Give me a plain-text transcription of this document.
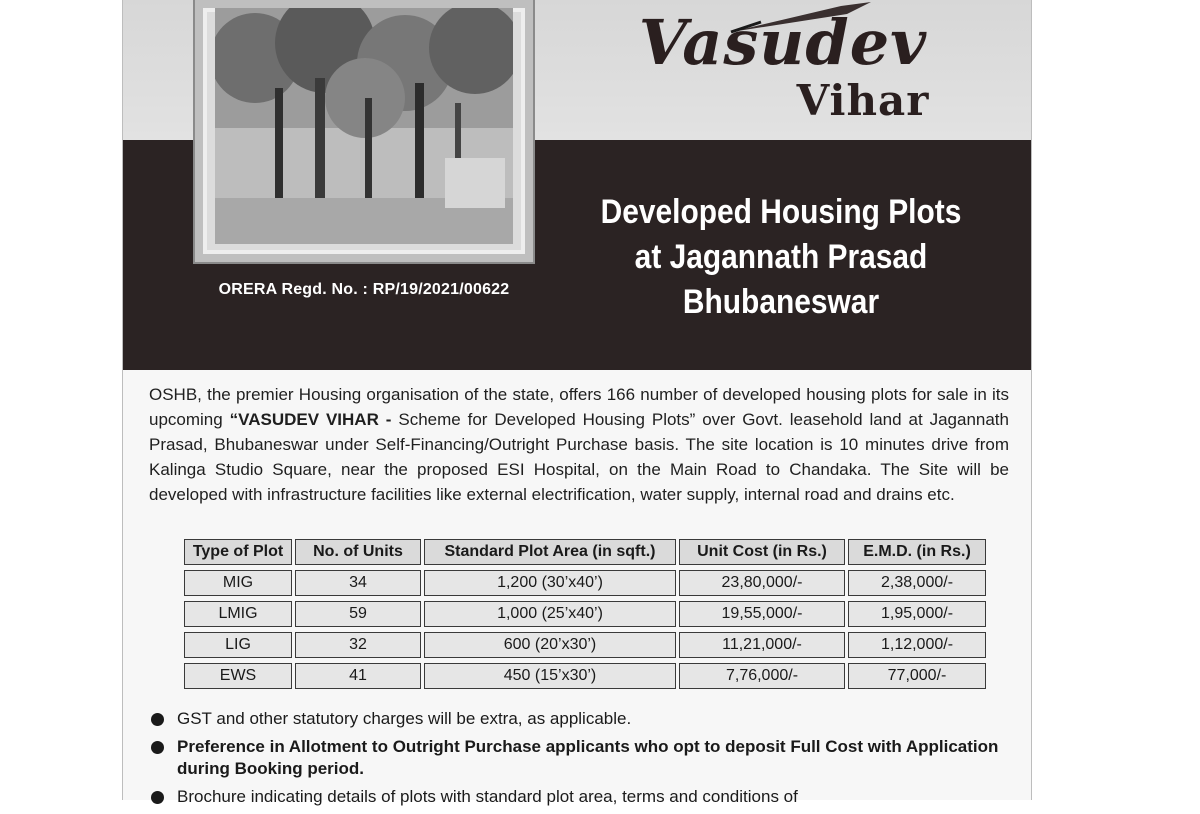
ORERA Regd. No. : RP/19/2021/00622
Vasudev
Vihar
Developed Housing Plots
at Jagannath Prasad
Bhubaneswar
OSHB, the premier Housing organisation of the state, offers 166 number of developed housing plots for sale in its upcoming “VASUDEV VIHAR - Scheme for Developed Housing Plots” over Govt. leasehold land at Jagannath Prasad, Bhubaneswar under Self-Financing/Outright Purchase basis. The site location is 10 minutes drive from Kalinga Studio Square, near the proposed ESI Hospital, on the Main Road to Chandaka. The Site will be developed with infrastructure facilities like external electrification, water supply, internal road and drains etc.
Type of Plot	No. of Units	Standard Plot Area (in sqft.)	Unit Cost (in Rs.)	E.M.D. (in Rs.)
MIG	34	1,200 (30’x40’)	23,80,000/-	2,38,000/-
LMIG	59	1,000 (25’x40’)	19,55,000/-	1,95,000/-
LIG	32	600 (20’x30’)	11,21,000/-	1,12,000/-
EWS	41	450 (15’x30’)	7,76,000/-	77,000/-
GST and other statutory charges will be extra, as applicable.
Preference in Allotment to Outright Purchase applicants who opt to deposit Full Cost with Application during Booking period.
Brochure indicating details of plots with standard plot area, terms and conditions of
